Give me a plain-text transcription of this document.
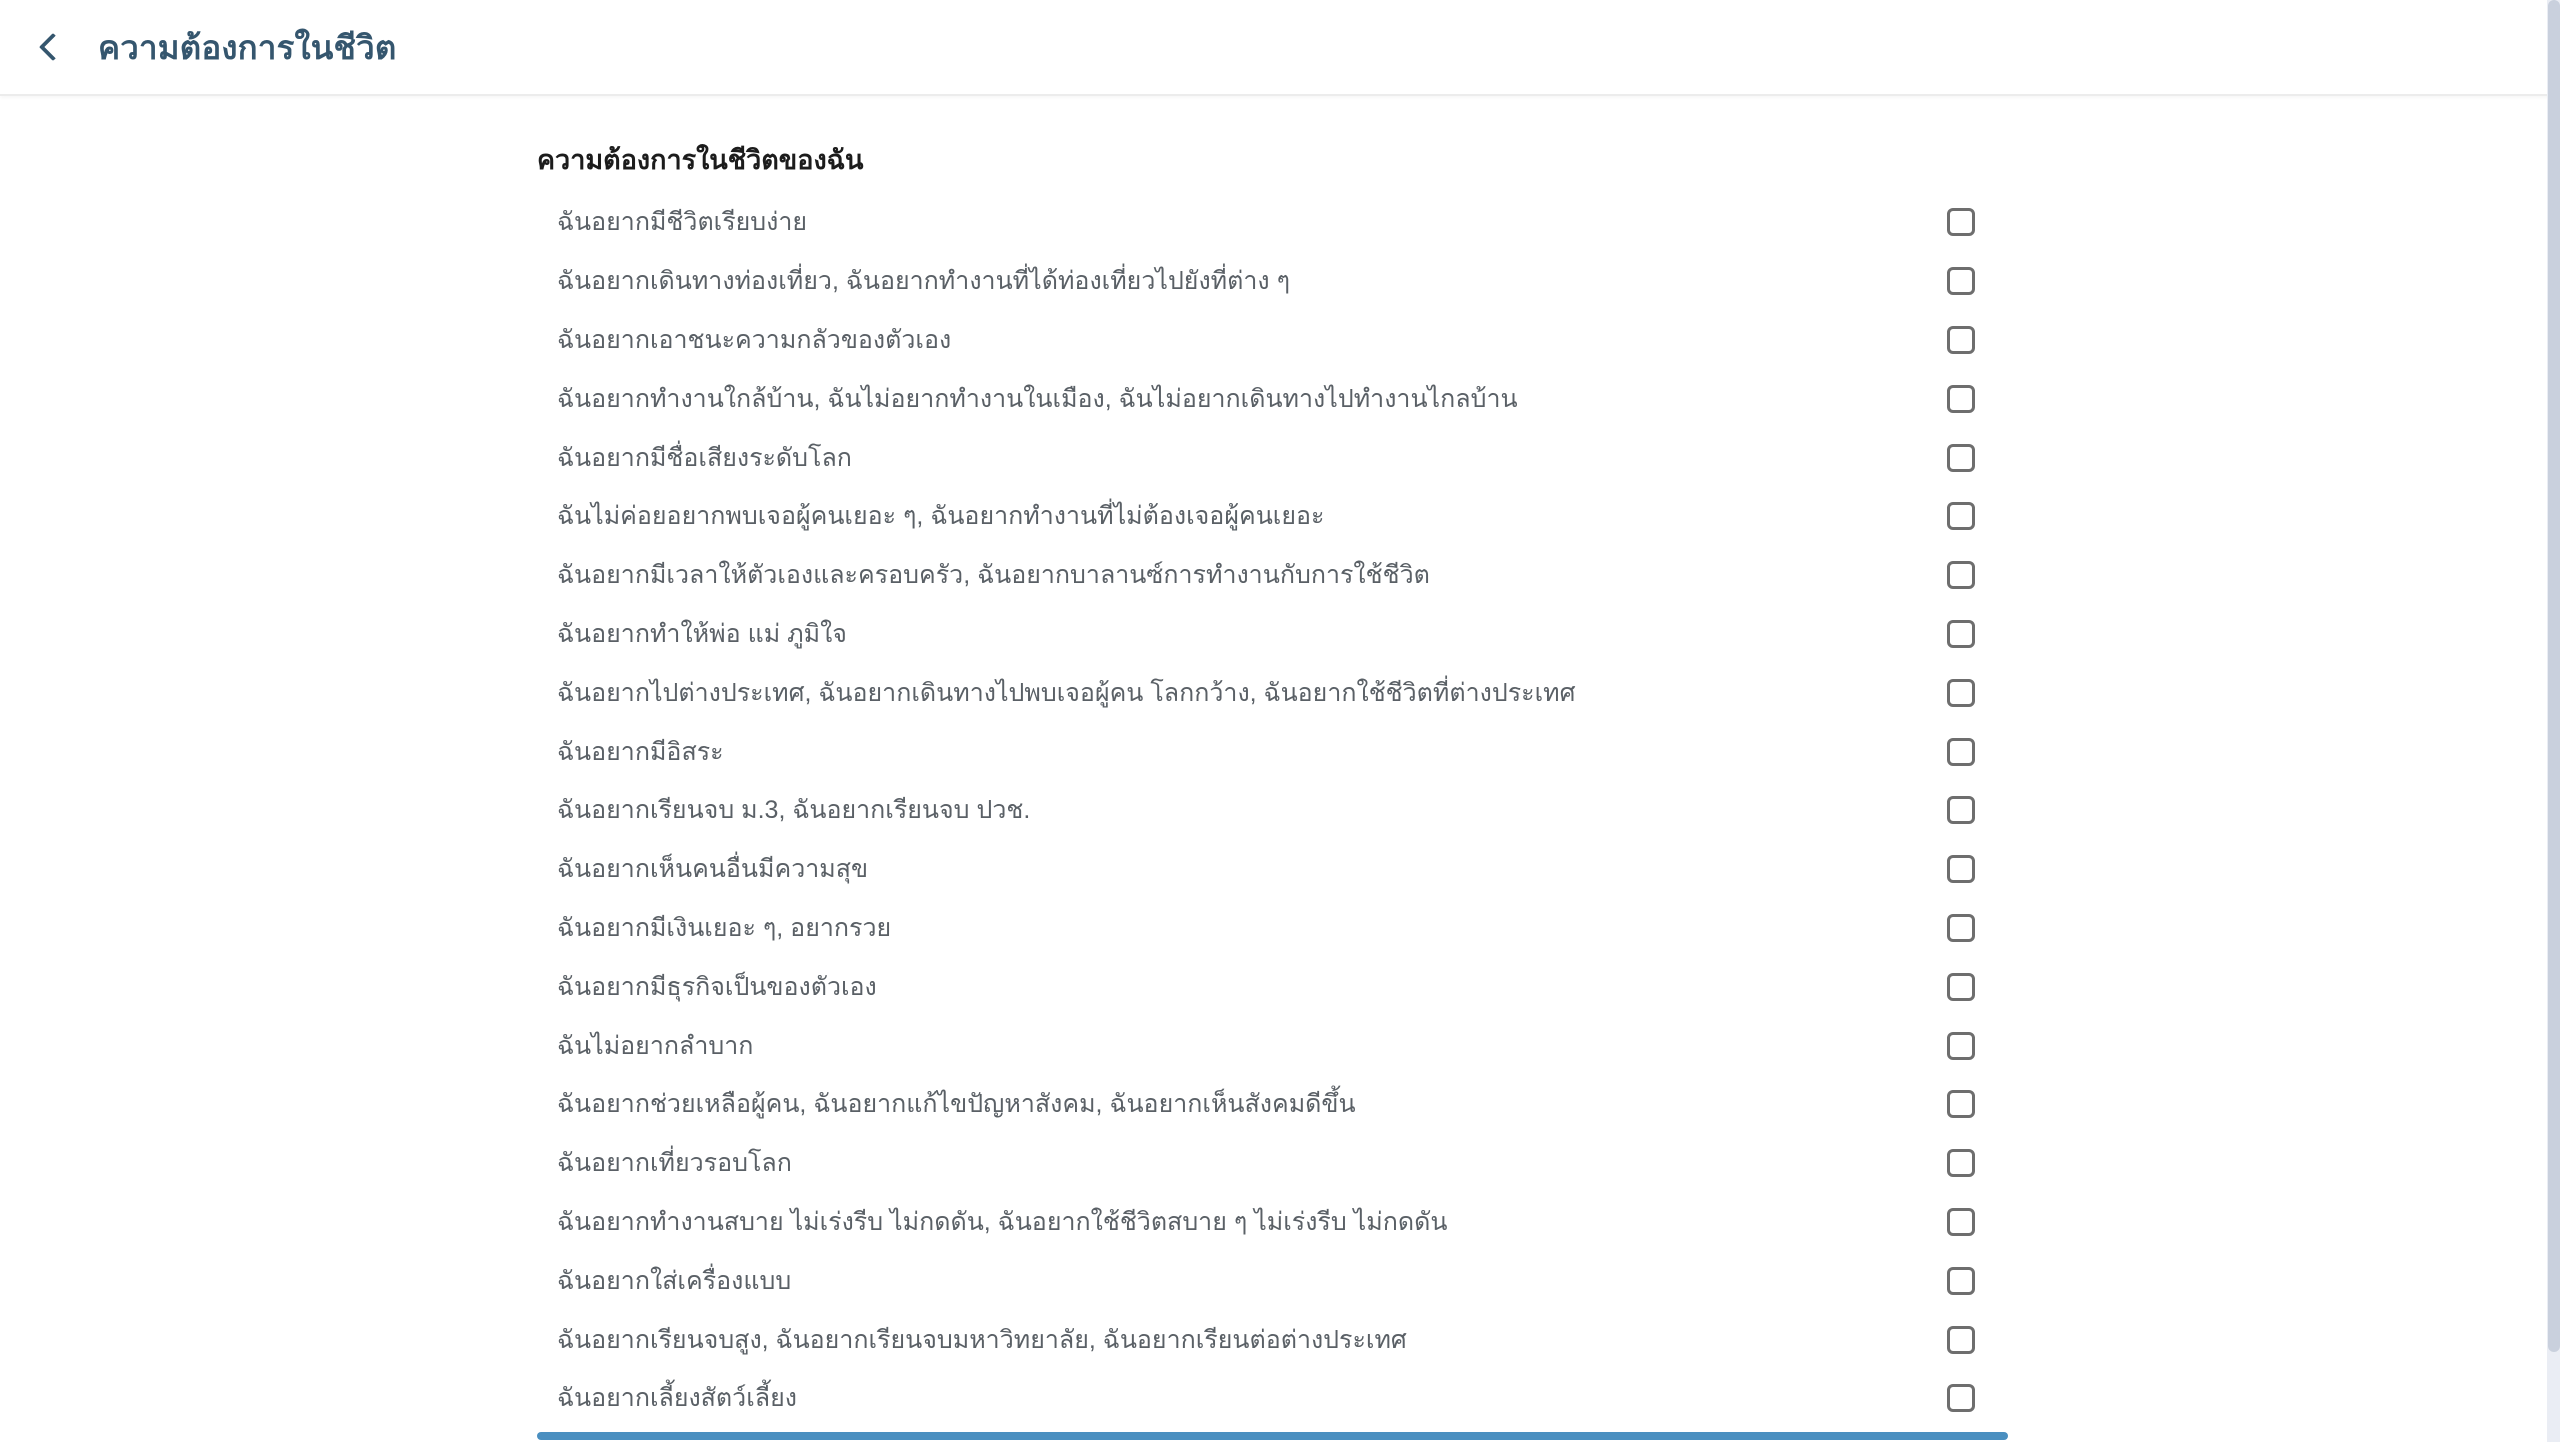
ความต้องการในชีวิต
ความต้องการในชีวิตของฉัน
ฉันอยากมีชีวิตเรียบง่าย
ฉันอยากเดินทางท่องเที่ยว, ฉันอยากทำงานที่ได้ท่องเที่ยวไปยังที่ต่าง ๆ
ฉันอยากเอาชนะความกลัวของตัวเอง
ฉันอยากทำงานใกล้บ้าน, ฉันไม่อยากทำงานในเมือง, ฉันไม่อยากเดินทางไปทำงานไกลบ้าน
ฉันอยากมีชื่อเสียงระดับโลก
ฉันไม่ค่อยอยากพบเจอผู้คนเยอะ ๆ, ฉันอยากทำงานที่ไม่ต้องเจอผู้คนเยอะ
ฉันอยากมีเวลาให้ตัวเองและครอบครัว, ฉันอยากบาลานซ์การทำงานกับการใช้ชีวิต
ฉันอยากทำให้พ่อ แม่ ภูมิใจ
ฉันอยากไปต่างประเทศ, ฉันอยากเดินทางไปพบเจอผู้คน โลกกว้าง, ฉันอยากใช้ชีวิตที่ต่างประเทศ
ฉันอยากมีอิสระ
ฉันอยากเรียนจบ ม.3, ฉันอยากเรียนจบ ปวช.
ฉันอยากเห็นคนอื่นมีความสุข
ฉันอยากมีเงินเยอะ ๆ, อยากรวย
ฉันอยากมีธุรกิจเป็นของตัวเอง
ฉันไม่อยากลำบาก
ฉันอยากช่วยเหลือผู้คน, ฉันอยากแก้ไขปัญหาสังคม, ฉันอยากเห็นสังคมดีขึ้น
ฉันอยากเที่ยวรอบโลก
ฉันอยากทำงานสบาย ไม่เร่งรีบ ไม่กดดัน, ฉันอยากใช้ชีวิตสบาย ๆ ไม่เร่งรีบ ไม่กดดัน
ฉันอยากใส่เครื่องแบบ
ฉันอยากเรียนจบสูง, ฉันอยากเรียนจบมหาวิทยาลัย, ฉันอยากเรียนต่อต่างประเทศ
ฉันอยากเลี้ยงสัตว์เลี้ยง
